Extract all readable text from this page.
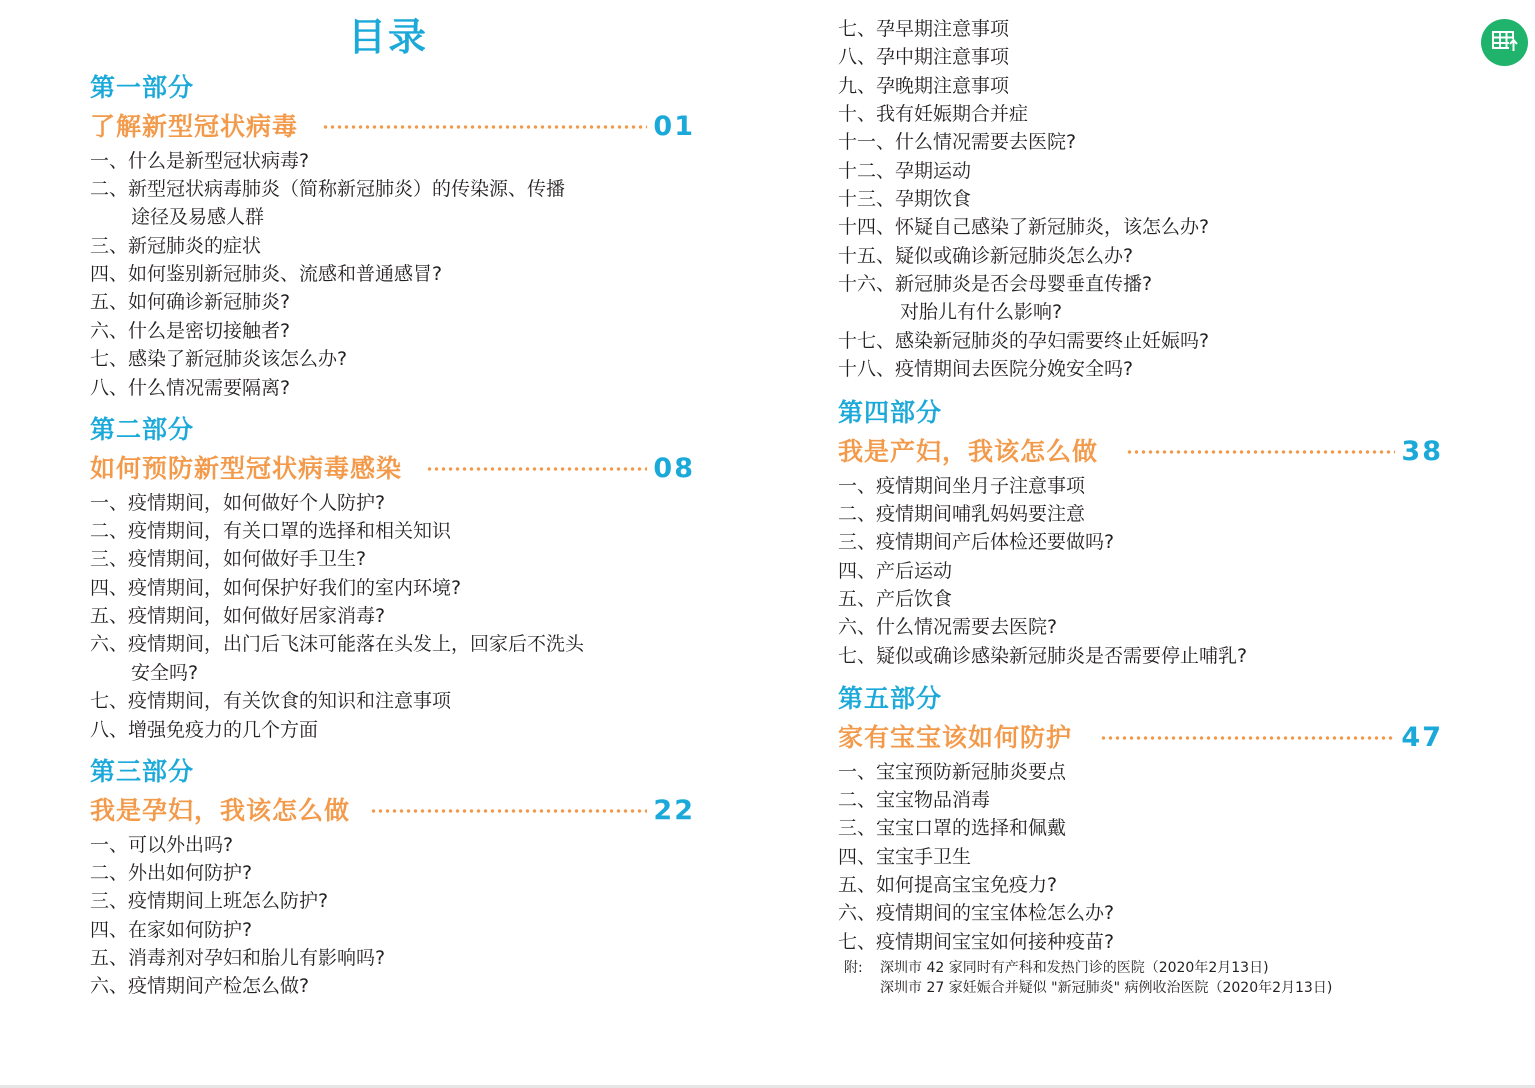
目录
第一部分
了解新型冠状病毒	01
一、什么是新型冠状病毒?
二、新型冠状病毒肺炎（简称新冠肺炎）的传染源、传播
途径及易感人群
三、新冠肺炎的症状
四、如何鉴别新冠肺炎、流感和普通感冒?
五、如何确诊新冠肺炎?
六、什么是密切接触者?
七、感染了新冠肺炎该怎么办?
八、什么情况需要隔离?
第二部分
如何预防新型冠状病毒感染	08
一、疫情期间，如何做好个人防护?
二、疫情期间，有关口罩的选择和相关知识
三、疫情期间，如何做好手卫生?
四、疫情期间，如何保护好我们的室内环境?
五、疫情期间，如何做好居家消毒?
六、疫情期间，出门后飞沫可能落在头发上，回家后不洗头
安全吗?
七、疫情期间，有关饮食的知识和注意事项
八、增强免疫力的几个方面
第三部分
我是孕妇，我该怎么做	22
一、可以外出吗?
二、外出如何防护?
三、疫情期间上班怎么防护?
四、在家如何防护?
五、消毒剂对孕妇和胎儿有影响吗?
六、疫情期间产检怎么做?
七、孕早期注意事项
八、孕中期注意事项
九、孕晚期注意事项
十、我有妊娠期合并症
十一、什么情况需要去医院?
十二、孕期运动
十三、孕期饮食
十四、怀疑自己感染了新冠肺炎，该怎么办?
十五、疑似或确诊新冠肺炎怎么办?
十六、新冠肺炎是否会母婴垂直传播?
对胎儿有什么影响?
十七、感染新冠肺炎的孕妇需要终止妊娠吗?
十八、疫情期间去医院分娩安全吗?
第四部分
我是产妇，我该怎么做	38
一、疫情期间坐月子注意事项
二、疫情期间哺乳妈妈要注意
三、疫情期间产后体检还要做吗?
四、产后运动
五、产后饮食
六、什么情况需要去医院?
七、疑似或确诊感染新冠肺炎是否需要停止哺乳?
第五部分
家有宝宝该如何防护	47
一、宝宝预防新冠肺炎要点
二、宝宝物品消毒
三、宝宝口罩的选择和佩戴
四、宝宝手卫生
五、如何提高宝宝免疫力?
六、疫情期间的宝宝体检怎么办?
七、疫情期间宝宝如何接种疫苗?
附: 深圳市 42 家同时有产科和发热门诊的医院（2020年2月13日)
深圳市 27 家妊娠合并疑似 "新冠肺炎" 病例收治医院（2020年2月13日)
